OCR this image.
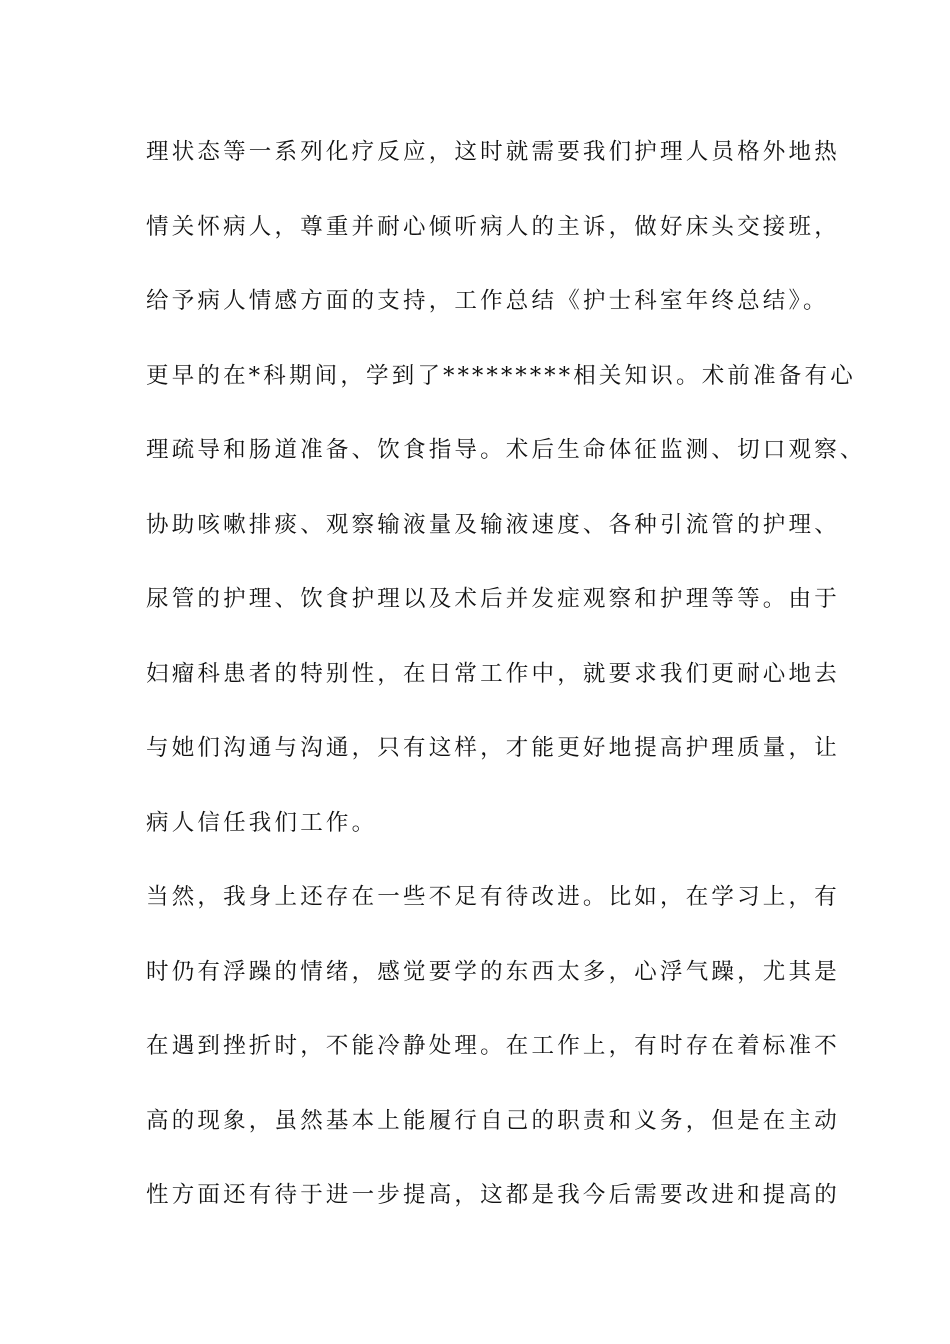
理状态等一系列化疗反应，这时就需要我们护理人员格外地热
情关怀病人，尊重并耐心倾听病人的主诉，做好床头交接班，
给予病人情感方面的支持，工作总结《护士科室年终总结》。
更早的在*科期间，学到了*********相关知识。术前准备有心
理疏导和肠道准备、饮食指导。术后生命体征监测、切口观察、
协助咳嗽排痰、观察输液量及输液速度、各种引流管的护理、
尿管的护理、饮食护理以及术后并发症观察和护理等等。由于
妇瘤科患者的特别性，在日常工作中，就要求我们更耐心地去
与她们沟通与沟通，只有这样，才能更好地提高护理质量，让
病人信任我们工作。
当然，我身上还存在一些不足有待改进。比如，在学习上，有
时仍有浮躁的情绪，感觉要学的东西太多，心浮气躁，尤其是
在遇到挫折时，不能冷静处理。在工作上，有时存在着标准不
高的现象，虽然基本上能履行自己的职责和义务，但是在主动
性方面还有待于进一步提高，这都是我今后需要改进和提高的
